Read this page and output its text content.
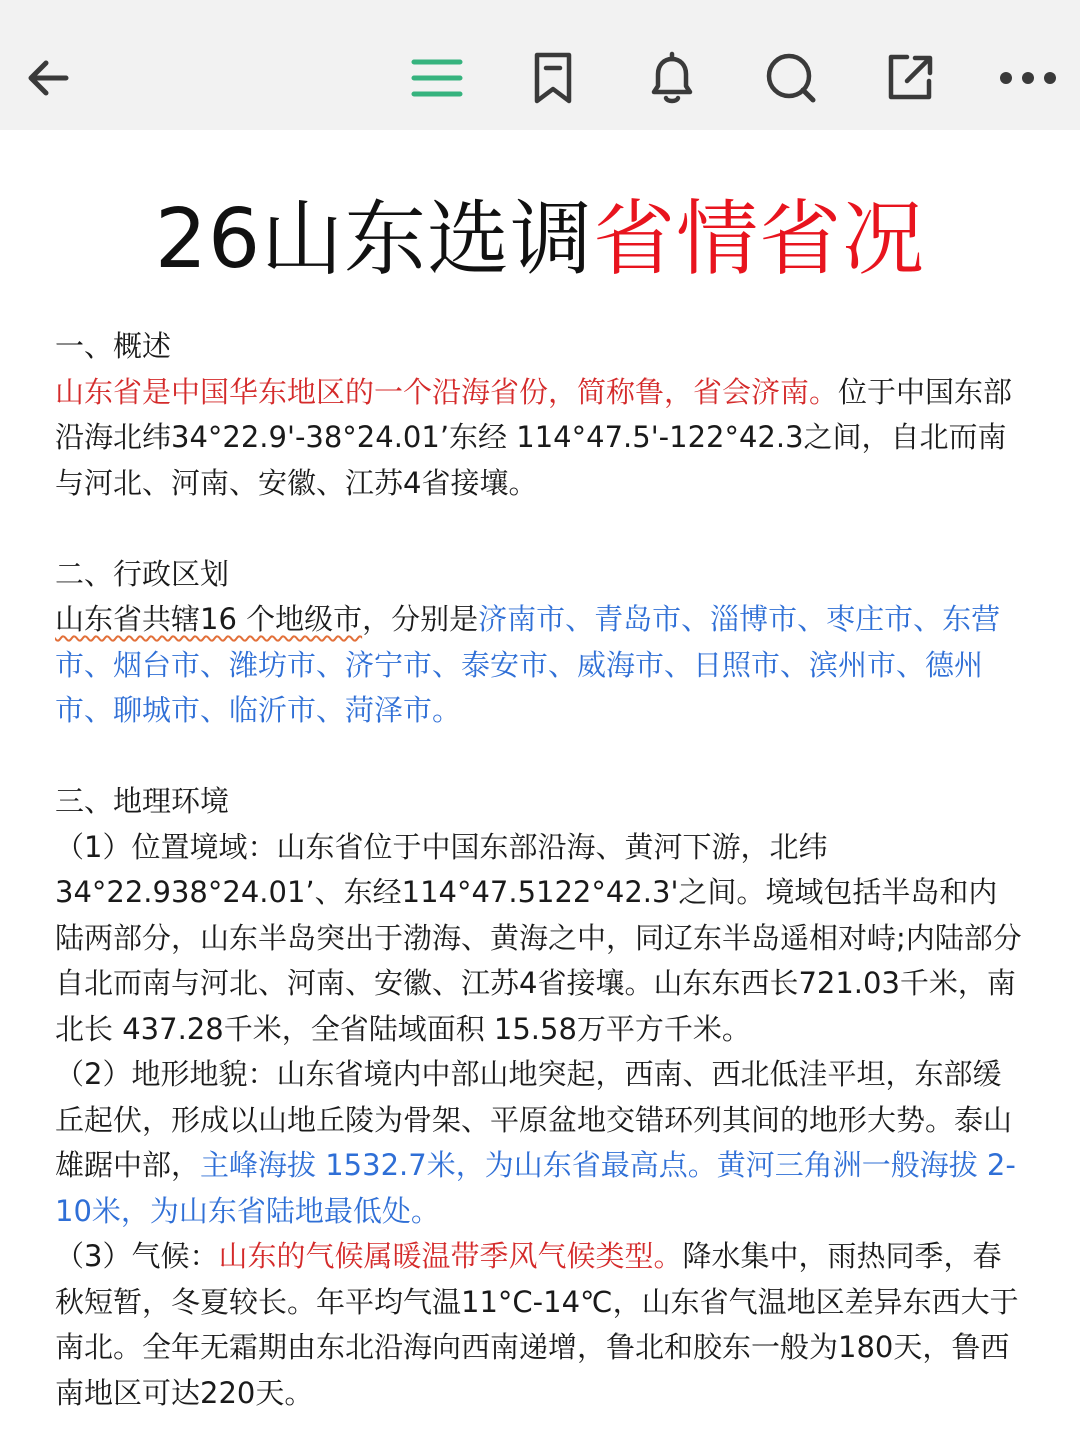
26山东选调省情省况

一、概述

山东省是中国华东地区的一个沿海省份，简称鲁，省会济南。位于中国东部沿海北纬34°22.9'-38°24.01’东经 114°47.5'-122°42.3之间，自北而南与河北、河南、安徽、江苏4省接壤。

二、行政区划

山东省共辖16 个地级市，分别是济南市、青岛市、淄博市、枣庄市、东营市、烟台市、潍坊市、济宁市、泰安市、威海市、日照市、滨州市、德州市、聊城市、临沂市、菏泽市。

三、地理环境

（1）位置境域：山东省位于中国东部沿海、黄河下游，北纬34°22.938°24.01’、东经114°47.5122°42.3'之间。境域包括半岛和内陆两部分，山东半岛突出于渤海、黄海之中，同辽东半岛遥相对峙;内陆部分自北而南与河北、河南、安徽、江苏4省接壤。山东东西长721.03千米，南北长 437.28千米，全省陆域面积 15.58万平方千米。

（2）地形地貌：山东省境内中部山地突起，西南、西北低洼平坦，东部缓丘起伏，形成以山地丘陵为骨架、平原盆地交错环列其间的地形大势。泰山雄踞中部，主峰海拔 1532.7米，为山东省最高点。黄河三角洲一般海拔 2-10米，为山东省陆地最低处。

（3）气候：山东的气候属暖温带季风气候类型。降水集中，雨热同季，春秋短暂，冬夏较长。年平均气温11°C-14℃，山东省气温地区差异东西大于南北。全年无霜期由东北沿海向西南递增，鲁北和胶东一般为180天，鲁西南地区可达220天。
